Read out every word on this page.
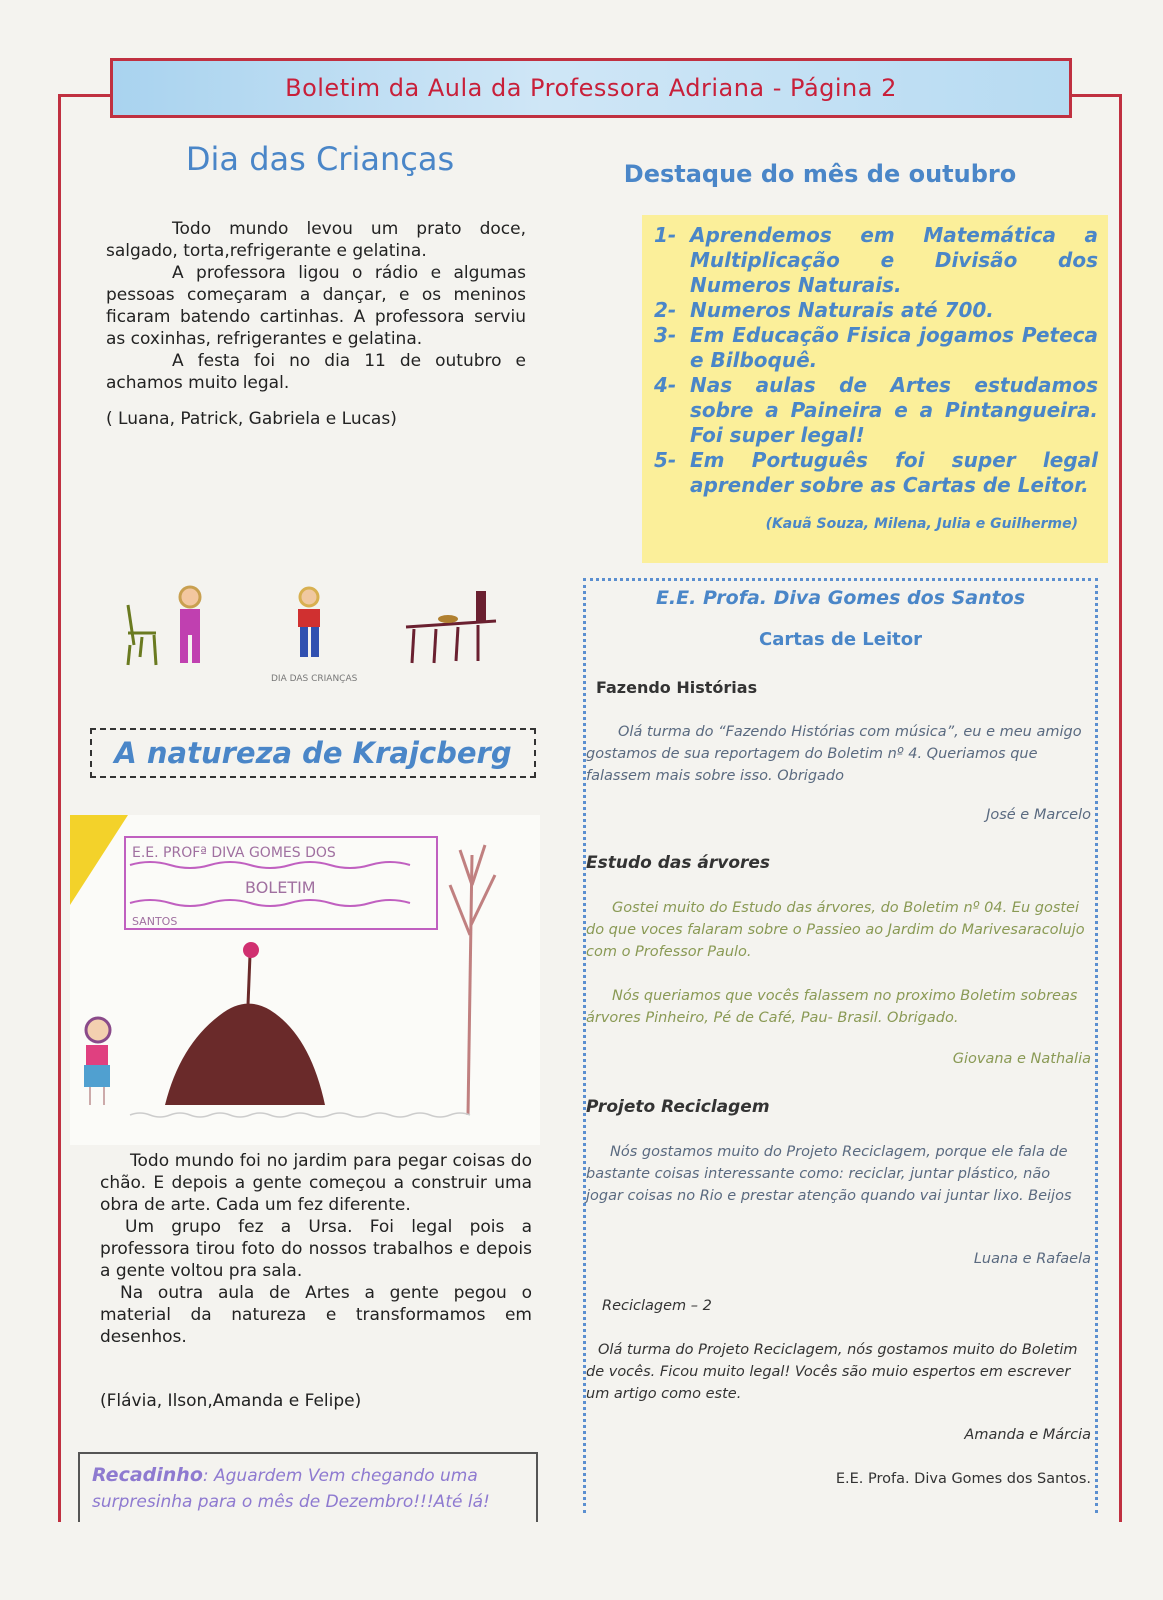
Boletim da Aula da Professora Adriana - Página 2
Dia das Crianças

Todo mundo levou um prato doce, salgado, torta,refrigerante e gelatina.

A professora ligou o rádio e algumas pessoas começaram a dançar, e os meninos ficaram batendo cartinhas. A professora serviu as coxinhas, refrigerantes e gelatina.

A festa foi no dia 11 de outubro e achamos muito legal.

( Luana, Patrick, Gabriela e Lucas)

DIA DAS CRIANÇAS
A natureza de Krajcberg
E.E. PROFª DIVA GOMES DOS
BOLETIM
SANTOS

Todo mundo foi no jardim para pegar coisas do chão. E depois a gente começou a construir uma obra de arte. Cada um fez diferente.

Um grupo fez a Ursa. Foi legal pois a professora tirou foto do nossos trabalhos e depois a gente voltou pra sala.

Na outra aula de Artes a gente pegou o material da natureza e transformamos em desenhos.

(Flávia, Ilson,Amanda e Felipe)

Recadinho: Aguardem Vem chegando uma surpresinha para o mês de Dezembro!!!Até lá!
Destaque do mês de outubro
1- Aprendemos em Matemática a Multiplicação e Divisão dos Numeros Naturais.
2- Numeros Naturais até 700.
3- Em Educação Fisica jogamos Peteca e Bilboquê.
4- Nas aulas de Artes estudamos sobre a Paineira e a Pintangueira. Foi super legal!
5- Em Português foi super legal aprender sobre as Cartas de Leitor.
(Kauã Souza, Milena, Julia e Guilherme)
E.E. Profa. Diva Gomes dos Santos
Cartas de Leitor
Fazendo Histórias
Olá turma do “Fazendo Histórias com música”, eu e meu amigo gostamos de sua reportagem do Boletim nº 4. Queriamos que falassem mais sobre isso. Obrigado
José e Marcelo
Estudo das árvores
Gostei muito do Estudo das árvores, do Boletim nº 04. Eu gostei do que voces falaram sobre o Passieo ao Jardim do Marivesaracolujo com o Professor Paulo.
Nós queriamos que vocês falassem no proximo Boletim sobreas árvores Pinheiro, Pé de Café, Pau- Brasil. Obrigado.
Giovana e Nathalia
Projeto Reciclagem
Nós gostamos muito do Projeto Reciclagem, porque ele fala de bastante coisas interessante como: reciclar, juntar plástico, não jogar coisas no Rio e prestar atenção quando vai juntar lixo. Beijos
Luana e Rafaela
Reciclagem – 2
Olá turma do Projeto Reciclagem, nós gostamos muito do Boletim de vocês. Ficou muito legal! Vocês são muio espertos em escrever um artigo como este.
Amanda e Márcia
E.E. Profa. Diva Gomes dos Santos.
